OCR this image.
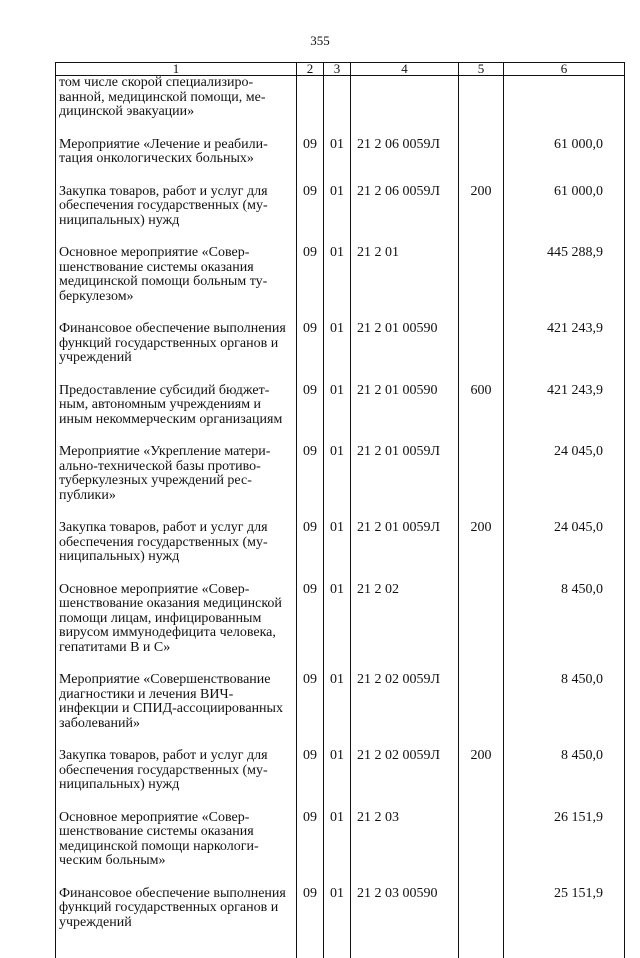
355
1	2	3	4	5	6
том числе скорой специализированной, медицинской помощи, медицинской эвакуации»					
Мероприятие «Лечение и реабилитация онкологических больных»	09	01	21 2 06 0059Л		61 000,0
Закупка товаров, работ и услуг для обеспечения государственных (муниципальных) нужд	09	01	21 2 06 0059Л	200	61 000,0
Основное мероприятие «Совершенствование системы оказания медицинской помощи больным туберкулезом»	09	01	21 2 01		445 288,9
Финансовое обеспечение выполнения функций государственных органов и учреждений	09	01	21 2 01 00590		421 243,9
Предоставление субсидий бюджетным, автономным учреждениям и иным некоммерческим организациям	09	01	21 2 01 00590	600	421 243,9
Мероприятие «Укрепление материально-технической базы противотуберкулезных учреждений республики»	09	01	21 2 01 0059Л		24 045,0
Закупка товаров, работ и услуг для обеспечения государственных (муниципальных) нужд	09	01	21 2 01 0059Л	200	24 045,0
Основное мероприятие «Совершенствование оказания медицинской помощи лицам, инфицированным вирусом иммунодефицита человека, гепатитами В и С»	09	01	21 2 02		8 450,0
Мероприятие «Совершенствование диагностики и лечения ВИЧ-инфекции и СПИД-ассоциированных заболеваний»	09	01	21 2 02 0059Л		8 450,0
Закупка товаров, работ и услуг для обеспечения государственных (муниципальных) нужд	09	01	21 2 02 0059Л	200	8 450,0
Основное мероприятие «Совершенствование системы оказания медицинской помощи наркологическим больным»	09	01	21 2 03		26 151,9
Финансовое обеспечение выполнения функций государственных органов и учреждений	09	01	21 2 03 00590		25 151,9
